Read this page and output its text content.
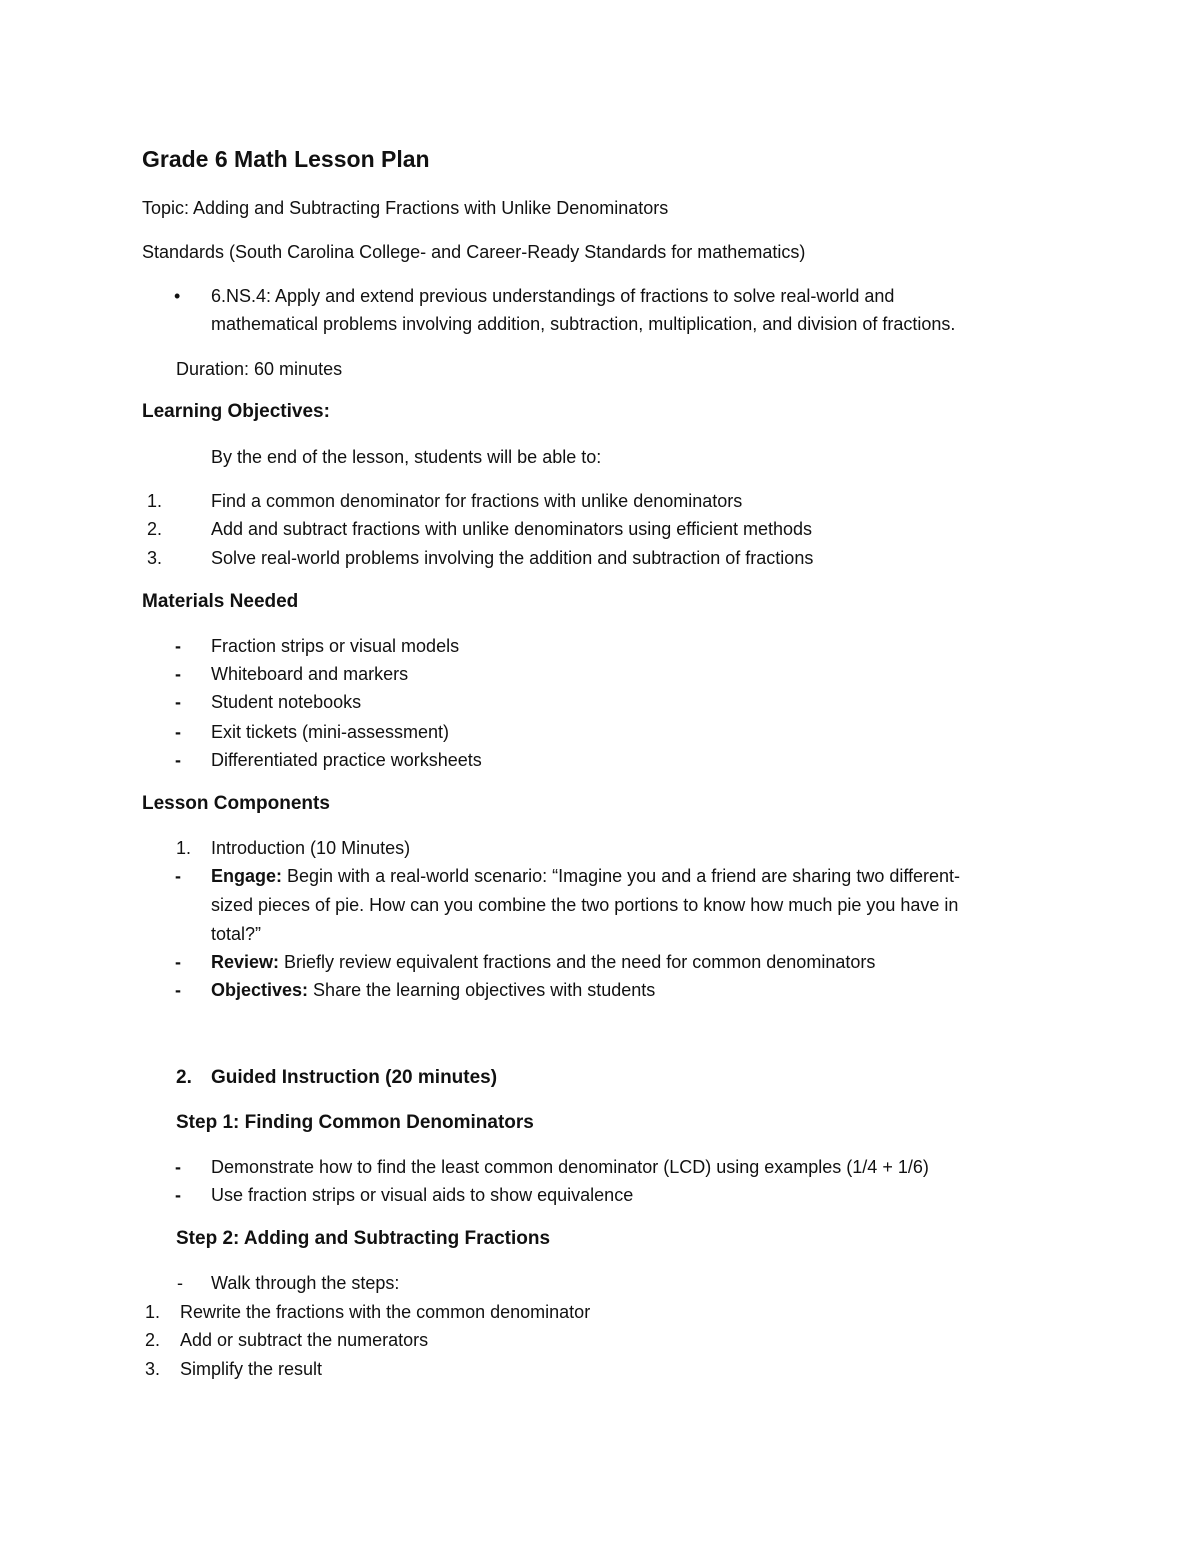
Grade 6 Math Lesson Plan
Topic: Adding and Subtracting Fractions with Unlike Denominators
Standards (South Carolina College- and Career-Ready Standards for mathematics)
• 6.NS.4: Apply and extend previous understandings of fractions to solve real-world and
mathematical problems involving addition, subtraction, multiplication, and division of fractions.
Duration: 60 minutes
Learning Objectives:
By the end of the lesson, students will be able to:
1.	Find a common denominator for fractions with unlike denominators
2.	Add and subtract fractions with unlike denominators using efficient methods
3.	Solve real-world problems involving the addition and subtraction of fractions
Materials Needed
- Fraction strips or visual models
- Whiteboard and markers
- Student notebooks
- Exit tickets (mini-assessment)
- Differentiated practice worksheets
Lesson Components
1. Introduction (10 Minutes)
- Engage: Begin with a real-world scenario: “Imagine you and a friend are sharing two different-
sized pieces of pie. How can you combine the two portions to know how much pie you have in
total?”
- Review: Briefly review equivalent fractions and the need for common denominators
- Objectives: Share the learning objectives with students
2. Guided Instruction (20 minutes)
Step 1: Finding Common Denominators
- Demonstrate how to find the least common denominator (LCD) using examples (1/4 + 1/6)
- Use fraction strips or visual aids to show equivalence
Step 2: Adding and Subtracting Fractions
- Walk through the steps:
1. Rewrite the fractions with the common denominator
2. Add or subtract the numerators
3. Simplify the result
